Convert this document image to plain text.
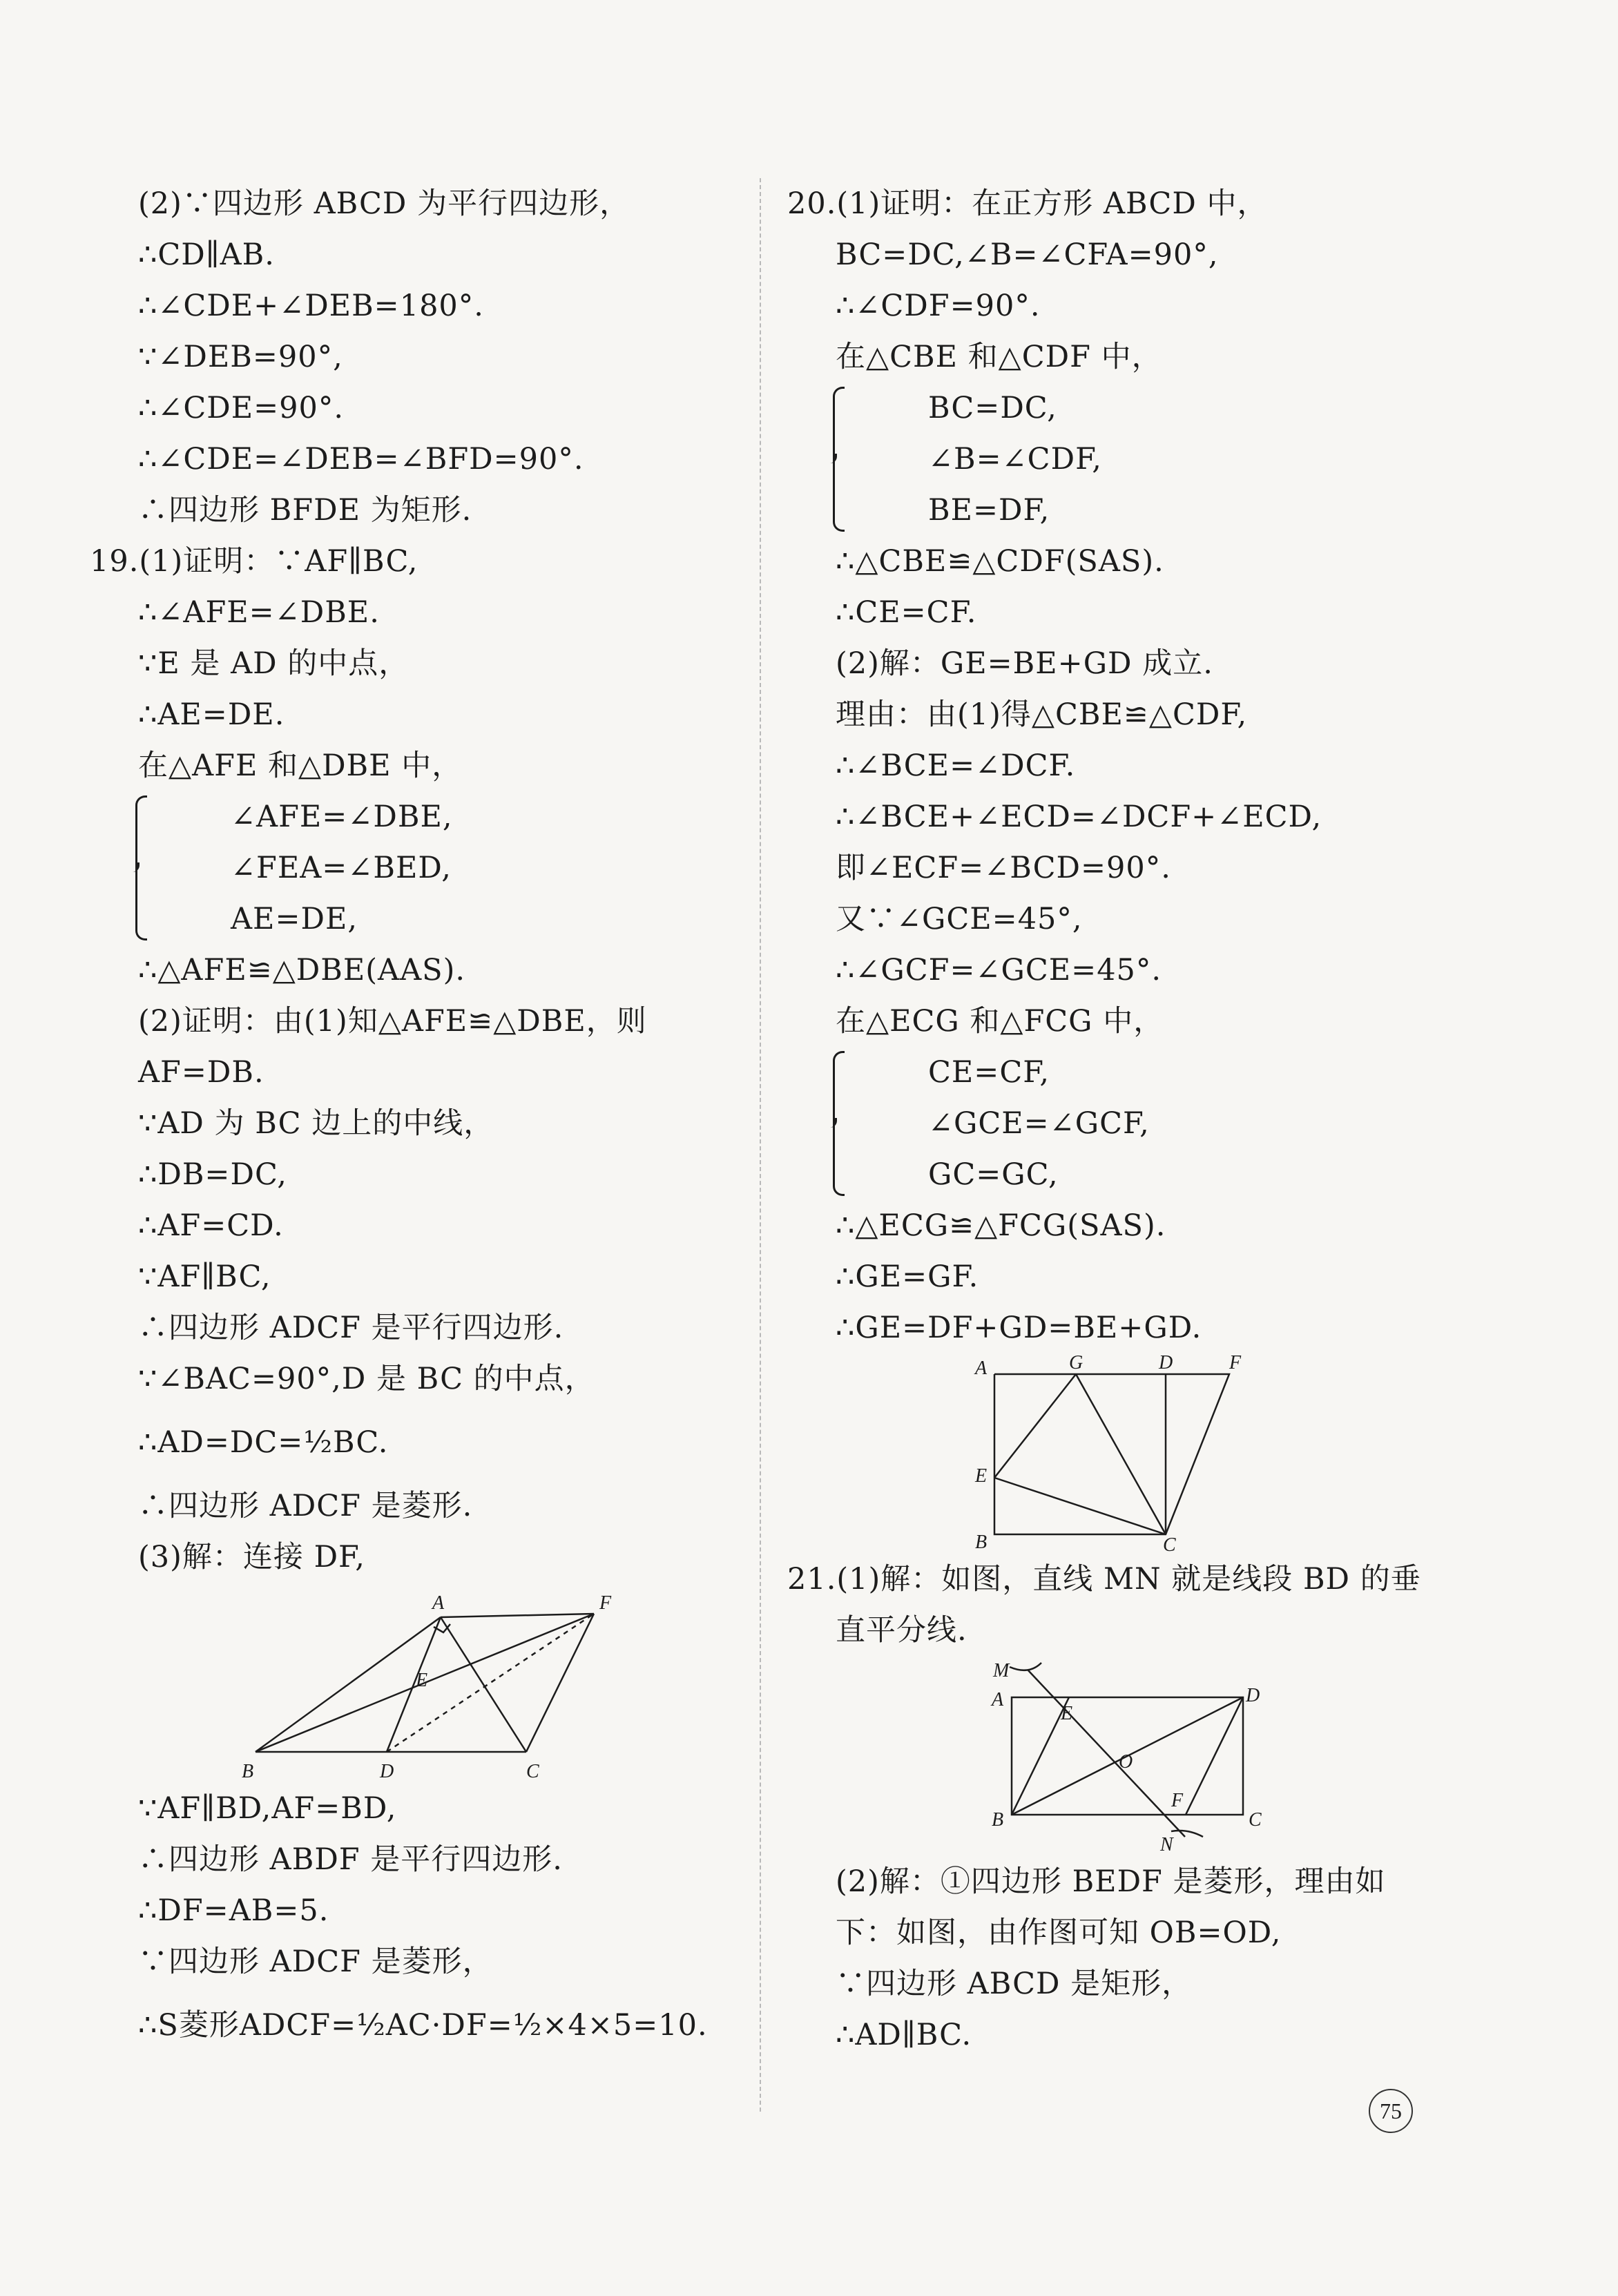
(2)∵四边形 ABCD 为平行四边形，
∴CD∥AB.
∴∠CDE+∠DEB=180°.
∵∠DEB=90°,
∴∠CDE=90°.
∴∠CDE=∠DEB=∠BFD=90°.
∴四边形 BFDE 为矩形.
19.(1)证明：∵AF∥BC,
∴∠AFE=∠DBE.
∵E 是 AD 的中点，
∴AE=DE.
在△AFE 和△DBE 中，
∠AFE=∠DBE,
∠FEA=∠BED,
AE=DE,
∴△AFE≌△DBE(AAS).
(2)证明：由(1)知△AFE≌△DBE，则
AF=DB.
∵AD 为 BC 边上的中线，
∴DB=DC,
∴AF=CD.
∵AF∥BC,
∴四边形 ADCF 是平行四边形.
∵∠BAC=90°,D 是 BC 的中点，
∴AD=DC=½BC.
∴四边形 ADCF 是菱形.
(3)解：连接 DF,
A	F
E
B	D	C
∵AF∥BD,AF=BD,
∴四边形 ABDF 是平行四边形.
∴DF=AB=5.
∵四边形 ADCF 是菱形，
∴S菱形ADCF=½AC·DF=½×4×5=10.
20.(1)证明：在正方形 ABCD 中，
BC=DC,∠B=∠CFA=90°,
∴∠CDF=90°.
在△CBE 和△CDF 中，
BC=DC,
∠B=∠CDF,
BE=DF,
∴△CBE≌△CDF(SAS).
∴CE=CF.
(2)解：GE=BE+GD 成立.
理由：由(1)得△CBE≌△CDF,
∴∠BCE=∠DCF.
∴∠BCE+∠ECD=∠DCF+∠ECD,
即∠ECF=∠BCD=90°.
又∵∠GCE=45°,
∴∠GCF=∠GCE=45°.
在△ECG 和△FCG 中，
CE=CF,
∠GCE=∠GCF,
GC=GC,
∴△ECG≌△FCG(SAS).
∴GE=GF.
∴GE=DF+GD=BE+GD.
A	G	D	F
E
B	C
21.(1)解：如图，直线 MN 就是线段 BD 的垂
直平分线.
M
A
E
D
O
B
F
N
C
(2)解：①四边形 BEDF 是菱形，理由如
下：如图，由作图可知 OB=OD,
∵四边形 ABCD 是矩形，
∴AD∥BC.
75
